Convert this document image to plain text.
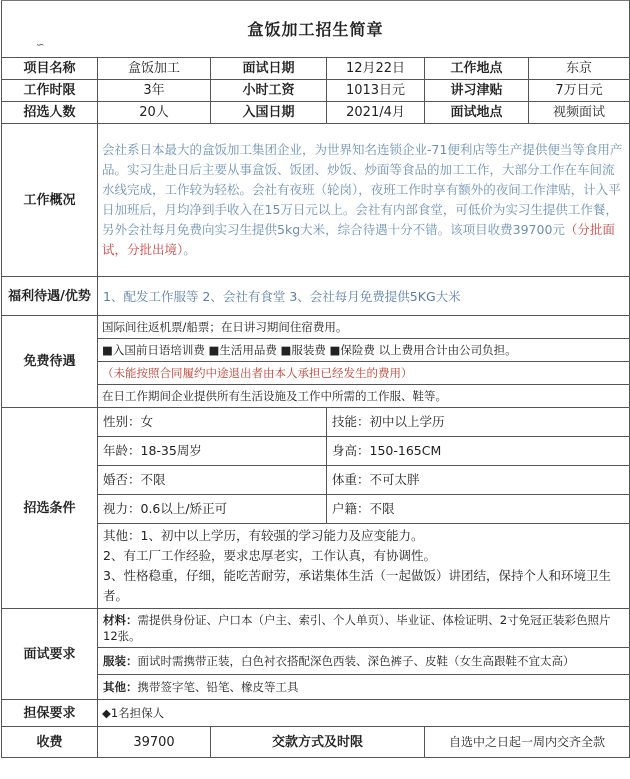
∽
盒饭加工招生简章					
项目名称	盒饭加工	面试日期	12月22日	工作地点	东京
工作时限	3年	小时工资	1013日元	讲习津贴	7万日元
招选人数	20人	入国日期	2021/4月	面试地点	视频面试
工作概况	会社系日本最大的盒饭加工集团企业，为世界知名连锁企业-71便利店等生产提供便当等食用产品。实习生赴日后主要从事盒饭、饭团、炒饭、炒面等食品的加工工作，大部分工作在车间流水线完成，工作较为轻松。会社有夜班（轮岗），夜班工作时享有额外的夜间工作津贴，计入平日加班后，月均净到手收入在15万日元以上。会社有内部食堂，可低价为实习生提供工作餐，另外会社每月免费向实习生提供5kg大米，综合待遇十分不错。该项目收费39700元（分批面试，分批出境）。				
福利待遇/优势	1、配发工作服等 2、会社有食堂 3、会社每月免费提供5KG大米				
免费待遇	国际间往返机票/船票；在日讲习期间住宿费用。				
	■入国前日语培训费 ■生活用品费 ■服装费 ■保险费 以上费用合计由公司负担。				
	（未能按照合同履约中途退出者由本人承担已经发生的费用）				
	在日工作期间企业提供所有生活设施及工作中所需的工作服、鞋等。				
招选条件	性别：女		技能：初中以上学历		
	年龄：18-35周岁		身高：150-165CM		
	婚否：不限		体重：不可太胖		
	视力：0.6以上/矫正可		户籍：不限		

	其他：1、初中以上学历，有较强的学习能力及应变能力。
2、有工厂工作经验，要求忠厚老实，工作认真，有协调性。
3、性格稳重，仔细，能吃苦耐劳，承诺集体生活（一起做饭）讲团结，保持个人和环境卫生者。				

面试要求	材料：需提供身份证、户口本（户主、索引、个人单页）、毕业证、体检证明、2寸免冠正装彩色照片12张。				
	服装：面试时需携带正装，白色衬衣搭配深色西装、深色裤子、皮鞋（女生高跟鞋不宜太高）				
	其他：携带签字笔、铅笔、橡皮等工具				
担保要求	◆1名担保人				
收费	39700	交款方式及时限		自选中之日起一周内交齐全款	
